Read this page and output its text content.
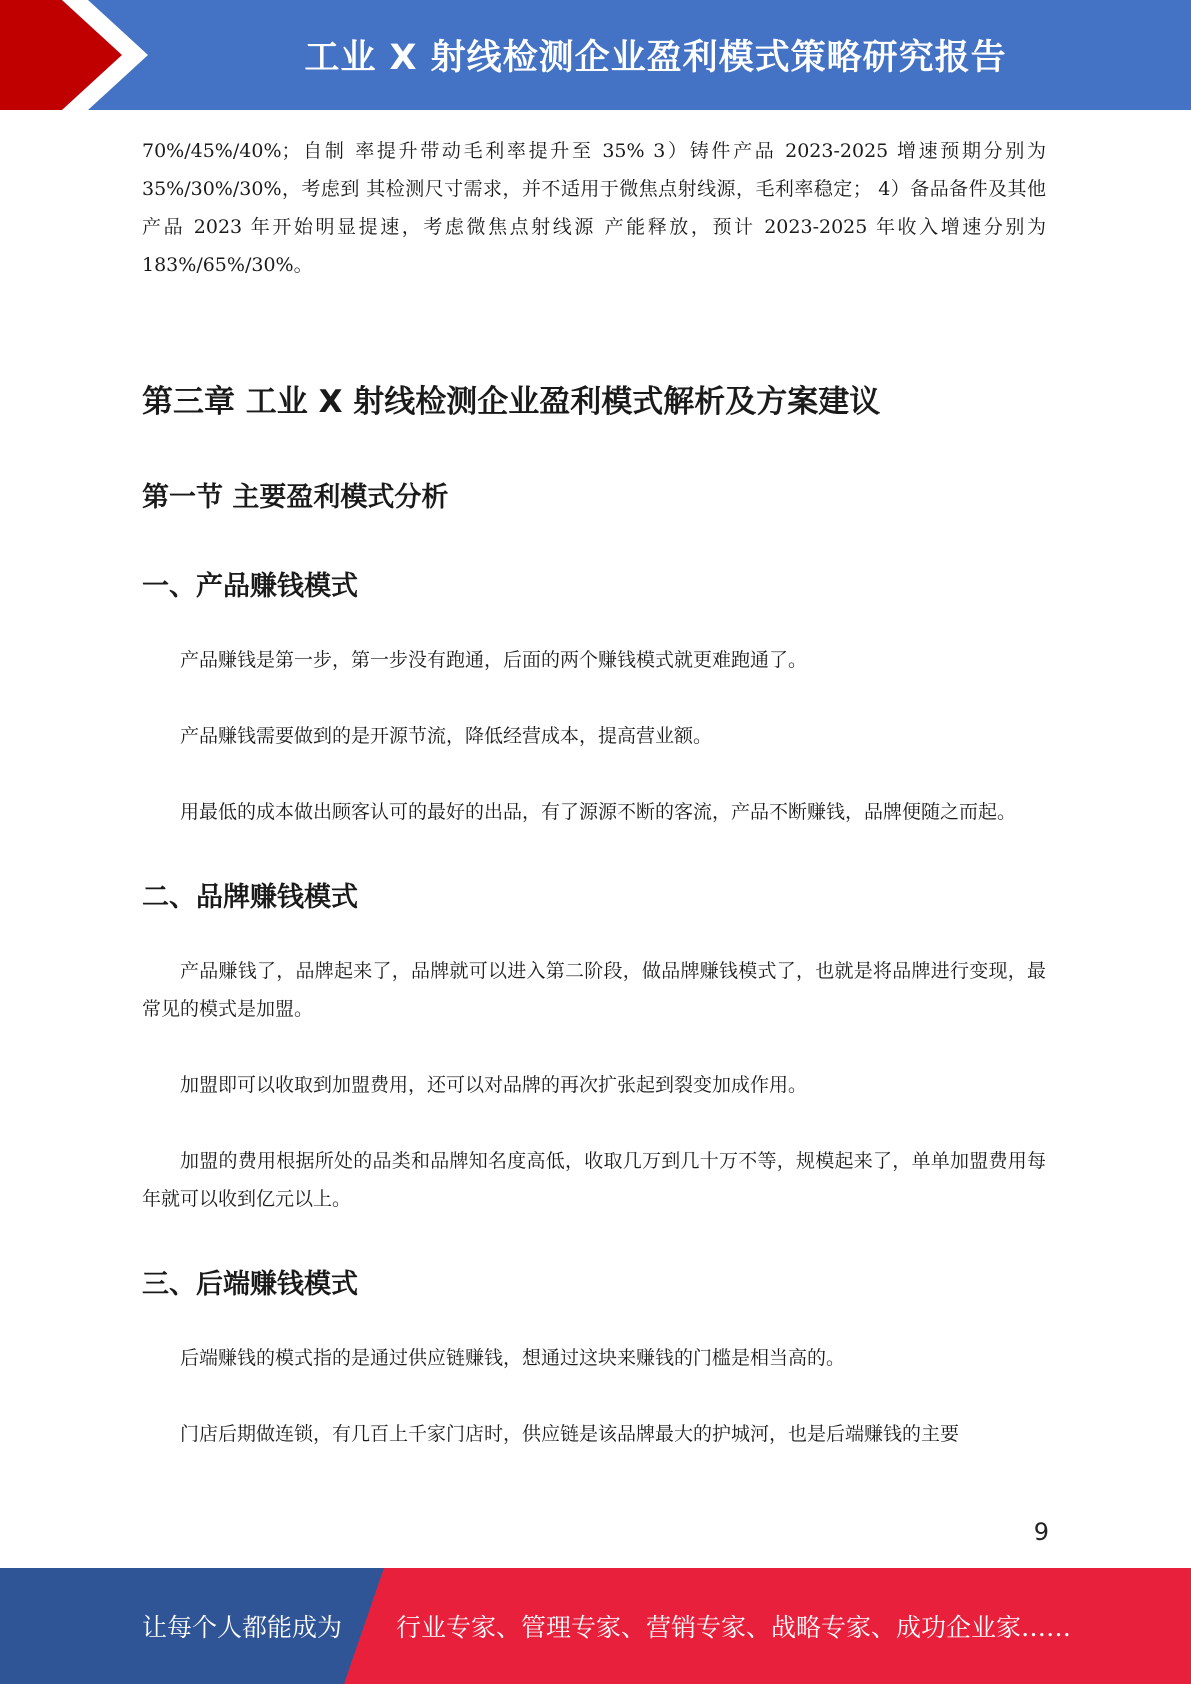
工业 X 射线检测企业盈利模式策略研究报告

70%/45%/40%；自制 率提升带动毛利率提升至 35% 3）铸件产品 2023-2025 增速预期分别为 35%/30%/30%，考虑到 其检测尺寸需求，并不适用于微焦点射线源，毛利率稳定； 4）备品备件及其他产品 2023 年开始明显提速，考虑微焦点射线源 产能释放，预计 2023-2025 年收入增速分别为 183%/65%/30%。

第三章 工业 X 射线检测企业盈利模式解析及方案建议
第一节 主要盈利模式分析
一、产品赚钱模式

产品赚钱是第一步，第一步没有跑通，后面的两个赚钱模式就更难跑通了。

产品赚钱需要做到的是开源节流，降低经营成本，提高营业额。

用最低的成本做出顾客认可的最好的出品，有了源源不断的客流，产品不断赚钱，品牌便随之而起。

二、品牌赚钱模式

产品赚钱了，品牌起来了，品牌就可以进入第二阶段，做品牌赚钱模式了，也就是将品牌进行变现，最常见的模式是加盟。

加盟即可以收取到加盟费用，还可以对品牌的再次扩张起到裂变加成作用。

加盟的费用根据所处的品类和品牌知名度高低，收取几万到几十万不等，规模起来了，单单加盟费用每年就可以收到亿元以上。

三、后端赚钱模式

后端赚钱的模式指的是通过供应链赚钱，想通过这块来赚钱的门槛是相当高的。

门店后期做连锁，有几百上千家门店时，供应链是该品牌最大的护城河，也是后端赚钱的主要

9
让每个人都能成为 行业专家、管理专家、营销专家、战略专家、成功企业家……
